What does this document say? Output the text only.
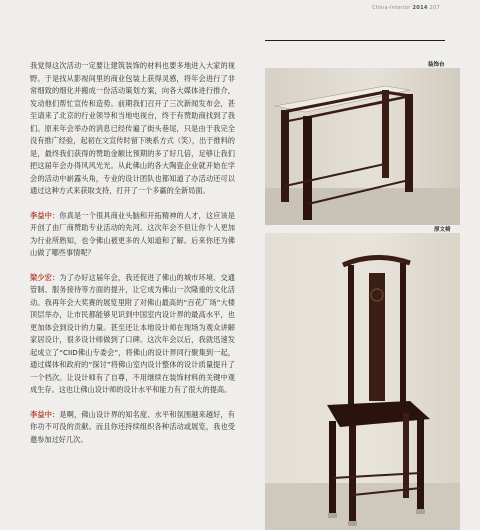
China-Interior 2014 207

我觉得这次活动一定要让建筑装饰的材料也要多地进入大家的视野。于是找从影视间里的商业包装上获得灵感，将年会进行了非常细致的细化并搬成一份活动策划方案，向各大媒体进行推介，发动他们帮忙宣传和造势。前期我们召开了三次新闻发布会，甚至请来了北京的行业领导和当地电视台，终于有赞助商找到了我们。原来年会举办的消息已经传遍了街头巷尾，只是由于我完全没有推广经验，起初在文宣传时留下映系方式（笑），出于推料的是，最终我们获得的赞助金额比预期的多了好几倍，足够让我们把这届年会办得风风光光。从此佛山的各大陶瓷企业就开始在学会的活动中崭露头角，专业的设计团队也都知道了办活动还可以通过这种方式来获取支持，打开了一个多赢的全新局面。

李益中：你真是一个很具商业头脑和开拓精神的人才，这应该是开创了由厂商赞助专业活动的先河。这次年会不但让你个人更加为行业所熟知，也令佛山被更多的人知道和了解。后来你还为佛山做了哪些事情呢？

梁少宏：为了办好这届年会，我还促进了佛山的城市环境、交通管制、服务接待等方面的提升，让它成为佛山一次隆重的文化活动。我再年会大奖赛的展览里附了对佛山最高的“百花广场”大楼顶层举办，让市民都能够见识到中国室内设计界的最高水平，也更加体会到设计的力量。甚至还让本地设计师在现场为观众讲解家居设计，很多设计师做到了口碑。这次年会以后，我就迅速发起成立了“CIID佛山专委会”，将佛山的设计界同行聚集到一起，通过媒体和政府的“探讨”将佛山室内设计整体的设计质量提升了一个档次。让设计师有了自尊，不用继续在装饰材料的关键中观成生存。这也让佛山设计师的设计水平和能力有了很大的提高。

李益中：是啊，佛山设计界的知名度、水平和氛围越来越好，有你功不可没的贡献。而且你还持续组织各种活动或展览，我也受邀参加过好几次。

装饰台
厚文椅
